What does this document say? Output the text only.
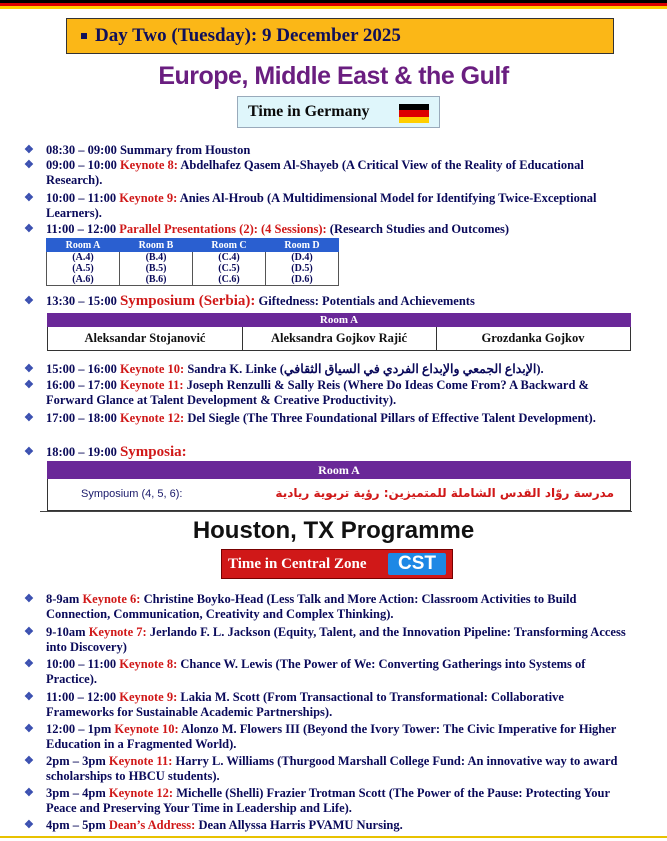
Day Two (Tuesday): 9 December 2025
Europe, Middle East & the Gulf
Time in Germany
❖ 08:30 – 09:00 Summary from Houston
❖ 09:00 – 10:00 Keynote 8: Abdelhafez Qasem Al-Shayeb (A Critical View of the Reality of Educational Research).
❖ 10:00 – 11:00 Keynote 9: Anies Al-Hroub (A Multidimensional Model for Identifying Twice-Exceptional Learners).
❖ 11:00 – 12:00 Parallel Presentations (2): (4 Sessions): (Research Studies and Outcomes)
Room A	Room B	Room C	Room D
(A.4)	(B.4)	(C.4)	(D.4)
(A.5)	(B.5)	(C.5)	(D.5)
(A.6)	(B.6)	(C.6)	(D.6)
❖ 13:30 – 15:00 Symposium (Serbia): Giftedness: Potentials and Achievements
Room A
Aleksandar Stojanović	Aleksandra Gojkov Rajić	Grozdanka Gojkov
❖ 15:00 – 16:00 Keynote 10: Sandra K. Linke (الإبداع الجمعي والإبداع الفردي في السياق الثقافي).
❖ 16:00 – 17:00 Keynote 11: Joseph Renzulli & Sally Reis (Where Do Ideas Come From? A Backward & Forward Glance at Talent Development & Creative Productivity).
❖ 17:00 – 18:00 Keynote 12: Del Siegle (The Three Foundational Pillars of Effective Talent Development).
❖ 18:00 – 19:00 Symposia:
Room A
Symposium (4, 5, 6):	مدرسة روّاد القدس الشاملة للمتميزين: رؤية تربوية ريادية
Houston, TX Programme
Time in Central Zone	CST
❖ 8-9am Keynote 6: Christine Boyko-Head (Less Talk and More Action: Classroom Activities to Build Connection, Communication, Creativity and Complex Thinking).
❖ 9-10am Keynote 7: Jerlando F. L. Jackson (Equity, Talent, and the Innovation Pipeline: Transforming Access into Discovery)
❖ 10:00 – 11:00 Keynote 8: Chance W. Lewis (The Power of We: Converting Gatherings into Systems of Practice).
❖ 11:00 – 12:00 Keynote 9: Lakia M. Scott (From Transactional to Transformational: Collaborative Frameworks for Sustainable Academic Partnerships).
❖ 12:00 – 1pm Keynote 10: Alonzo M. Flowers III (Beyond the Ivory Tower: The Civic Imperative for Higher Education in a Fragmented World).
❖ 2pm – 3pm Keynote 11: Harry L. Williams (Thurgood Marshall College Fund: An innovative way to award scholarships to HBCU students).
❖ 3pm – 4pm Keynote 12: Michelle (Shelli) Frazier Trotman Scott (The Power of the Pause: Protecting Your Peace and Preserving Your Time in Leadership and Life).
❖ 4pm – 5pm Dean’s Address: Dean Allyssa Harris PVAMU Nursing.
